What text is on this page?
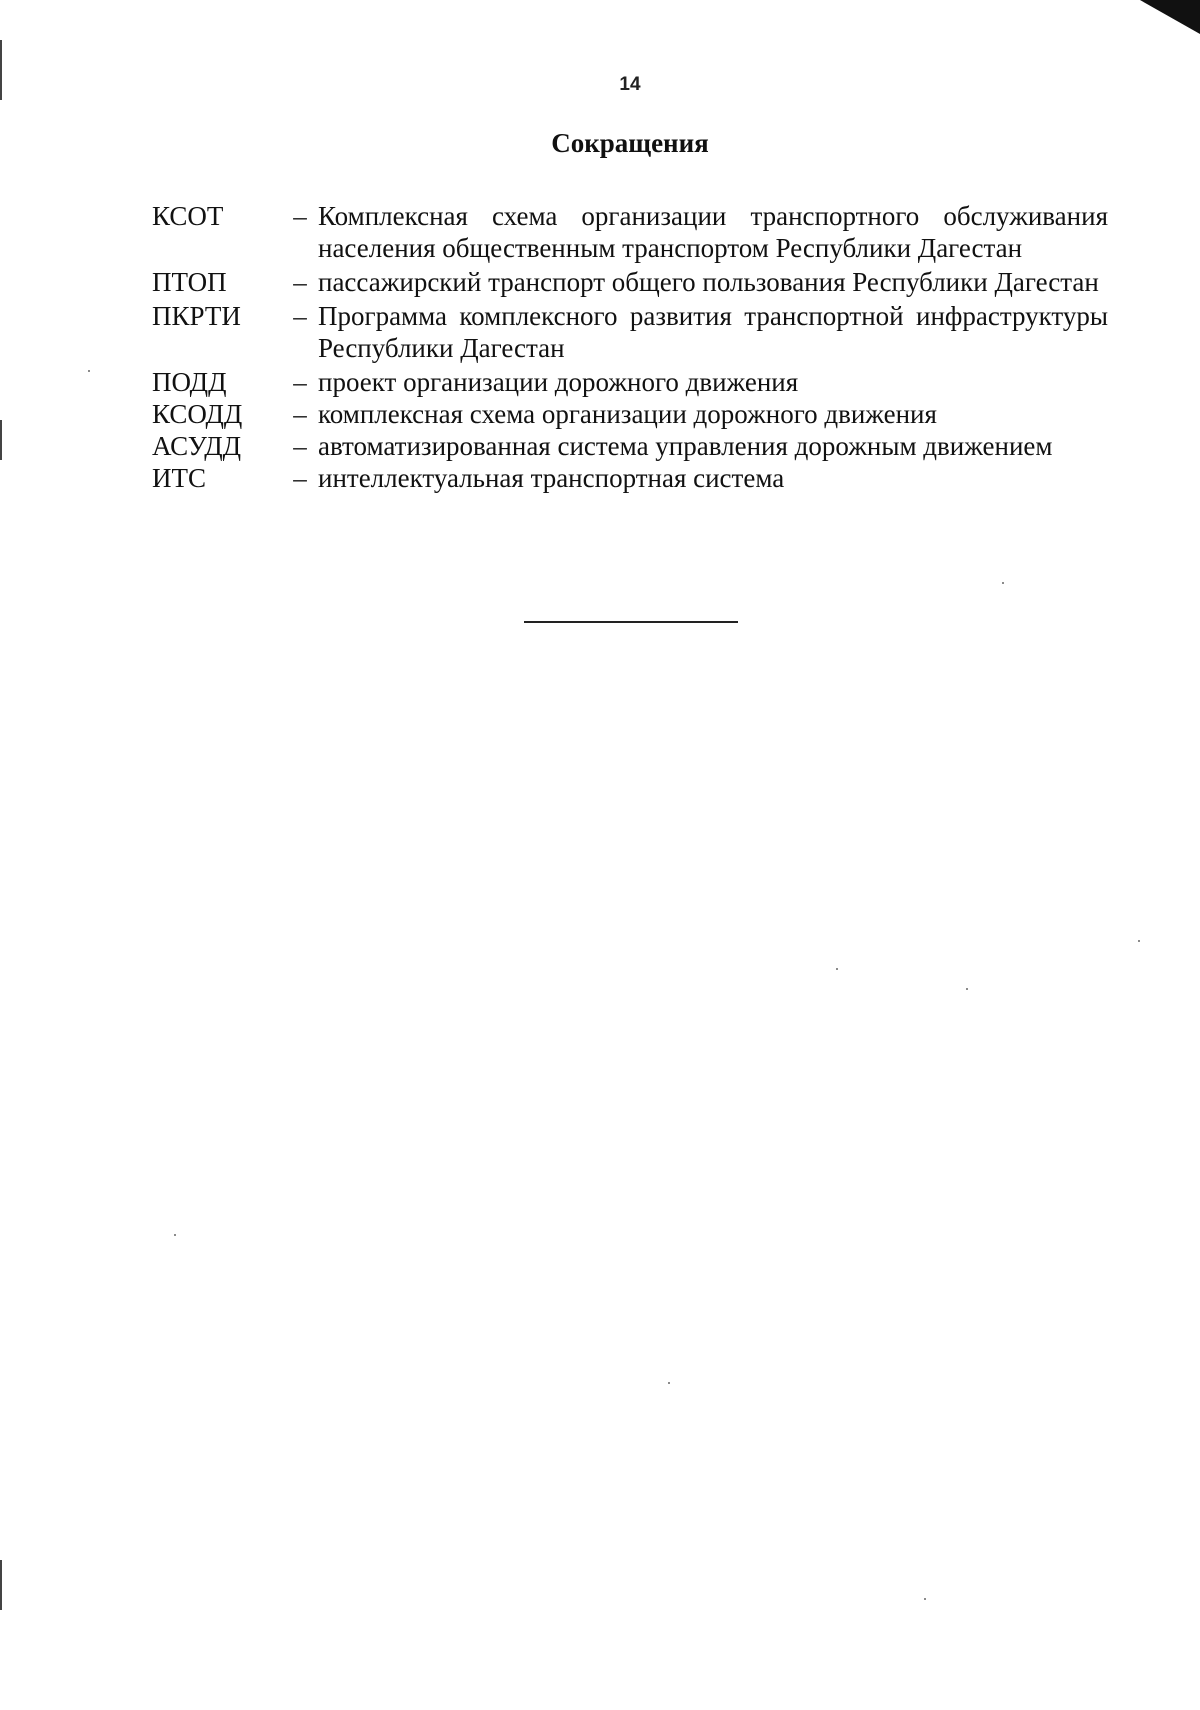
14
Сокращения
КСОТ	– Комплексная схема организации транспортного обслуживания населения общественным транспортом Республики Дагестан
ПТОП	– пассажирский транспорт общего пользования Республики Дагестан
ПКРТИ	– Программа комплексного развития транспортной инфраструктуры Республики Дагестан
ПОДД	– проект организации дорожного движения
КСОДД	– комплексная схема организации дорожного движения
АСУДД	– автоматизированная система управления дорожным движением
ИТС	– интеллектуальная транспортная система
